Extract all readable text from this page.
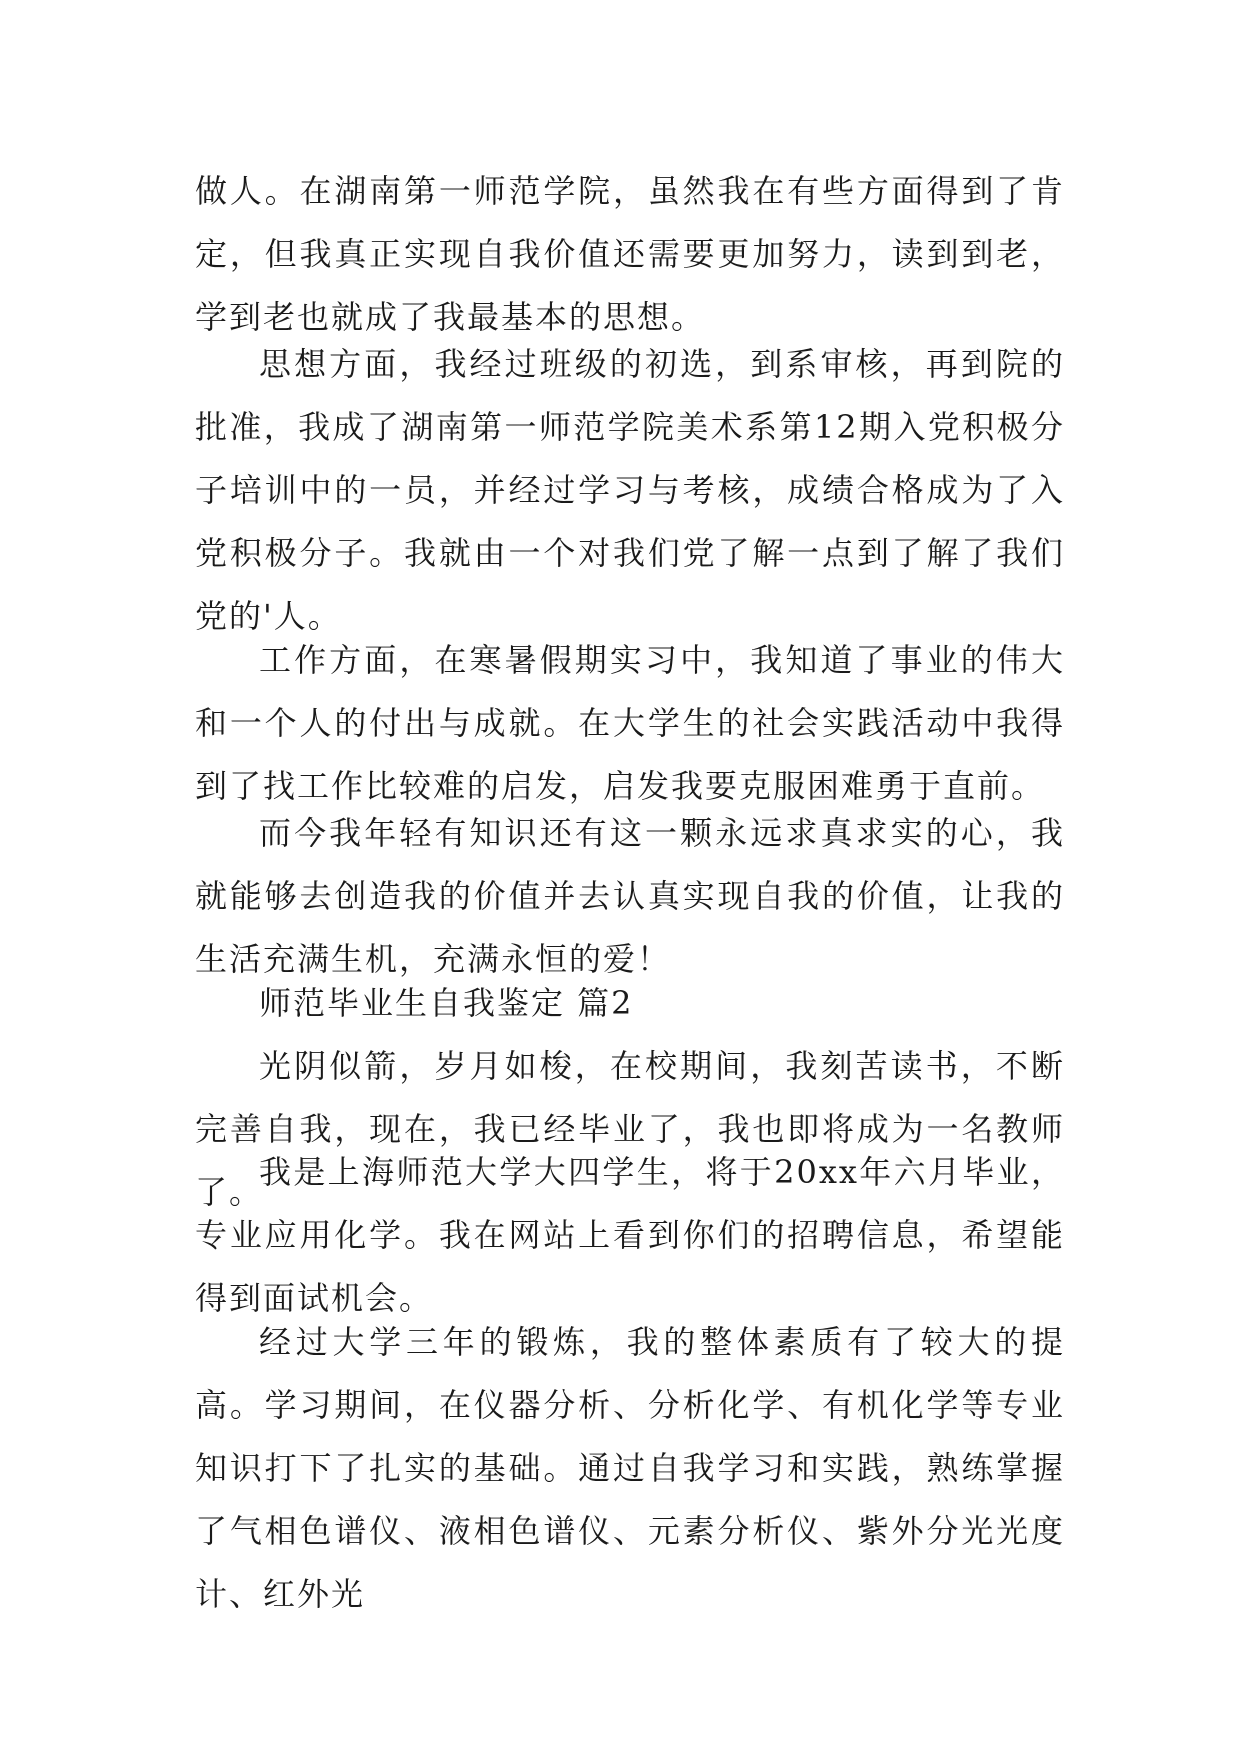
做人。在湖南第一师范学院，虽然我在有些方面得到了肯定，但我真正实现自我价值还需要更加努力，读到到老，学到老也就成了我最基本的思想。

思想方面，我经过班级的初选，到系审核，再到院的批准，我成了湖南第一师范学院美术系第12期入党积极分子培训中的一员，并经过学习与考核，成绩合格成为了入党积极分子。我就由一个对我们党了解一点到了解了我们党的'人。

工作方面，在寒暑假期实习中，我知道了事业的伟大和一个人的付出与成就。在大学生的社会实践活动中我得到了找工作比较难的启发，启发我要克服困难勇于直前。

而今我年轻有知识还有这一颗永远求真求实的心，我就能够去创造我的价值并去认真实现自我的价值，让我的生活充满生机，充满永恒的爱！

师范毕业生自我鉴定 篇2

光阴似箭，岁月如梭，在校期间，我刻苦读书，不断完善自我，现在，我已经毕业了，我也即将成为一名教师了。

我是上海师范大学大四学生，将于20xx年六月毕业，专业应用化学。我在网站上看到你们的招聘信息，希望能得到面试机会。

经过大学三年的锻炼，我的整体素质有了较大的提高。学习期间，在仪器分析、分析化学、有机化学等专业知识打下了扎实的基础。通过自我学习和实践，熟练掌握了气相色谱仪、液相色谱仪、元素分析仪、紫外分光光度计、红外光
